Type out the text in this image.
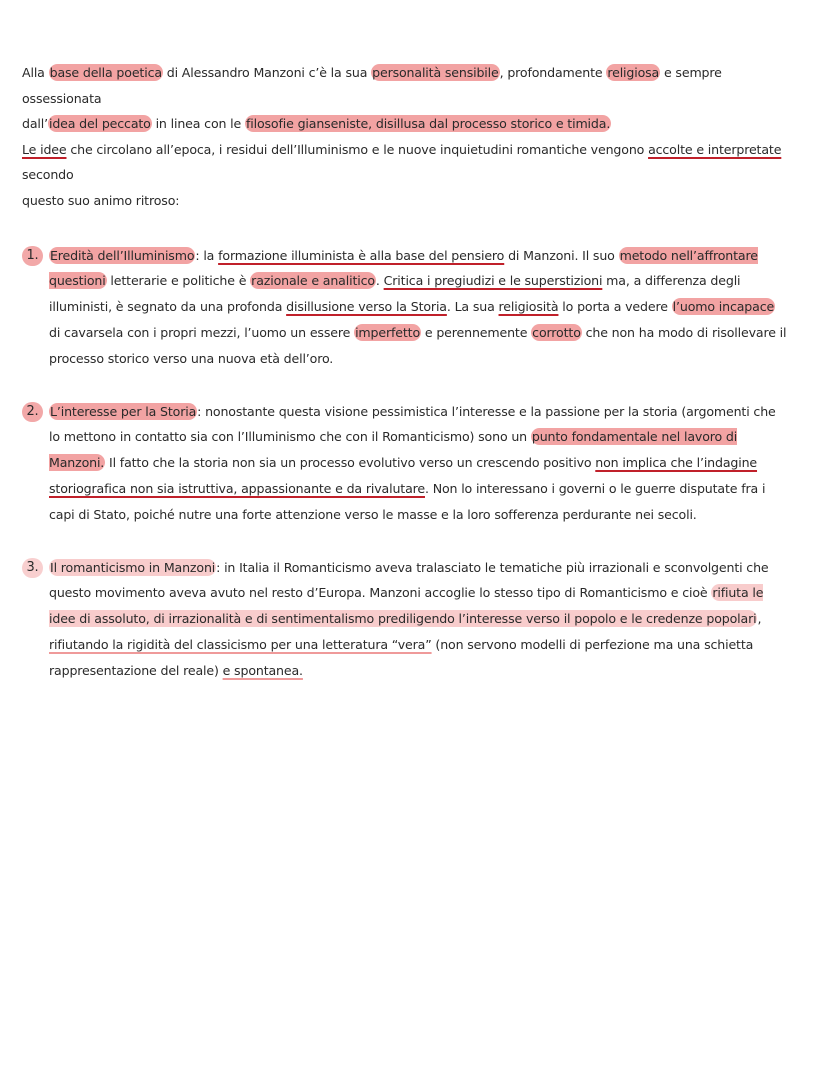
Alla base della poetica di Alessandro Manzoni c’è la sua personalità sensibile, profondamente religiosa e sempre ossessionata
dall’idea del peccato in linea con le filosofie gianseniste, disillusa dal processo storico e timida.
Le idee che circolano all’epoca, i residui dell’Illuminismo e le nuove inquietudini romantiche vengono accolte e interpretate secondo
questo suo animo ritroso:

1. Eredità dell’Illuminismo: la formazione illuminista è alla base del pensiero di Manzoni. Il suo metodo nell’affrontare questioni letterarie e politiche è razionale e analitico. Critica i pregiudizi e le superstizioni ma, a differenza degli illuministi, è segnato da una profonda disillusione verso la Storia. La sua religiosità lo porta a vedere l’uomo incapace di cavarsela con i propri mezzi, l’uomo un essere imperfetto e perennemente corrotto che non ha modo di risollevare il processo storico verso una nuova età dell’oro.

2. L’interesse per la Storia: nonostante questa visione pessimistica l’interesse e la passione per la storia (argomenti che lo mettono in contatto sia con l’Illuminismo che con il Romanticismo) sono un punto fondamentale nel lavoro di Manzoni. Il fatto che la storia non sia un processo evolutivo verso un crescendo positivo non implica che l’indagine storiografica non sia istruttiva, appassionante e da rivalutare. Non lo interessano i governi o le guerre disputate fra i capi di Stato, poiché nutre una forte attenzione verso le masse e la loro sofferenza perdurante nei secoli.

3. Il romanticismo in Manzoni: in Italia il Romanticismo aveva tralasciato le tematiche più irrazionali e sconvolgenti che questo movimento aveva avuto nel resto d’Europa. Manzoni accoglie lo stesso tipo di Romanticismo e cioè rifiuta le idee di assoluto, di irrazionalità e di sentimentalismo prediligendo l’interesse verso il popolo e le credenze popolari, rifiutando la rigidità del classicismo per una letteratura “vera” (non servono modelli di perfezione ma una schietta rappresentazione del reale) e spontanea.
